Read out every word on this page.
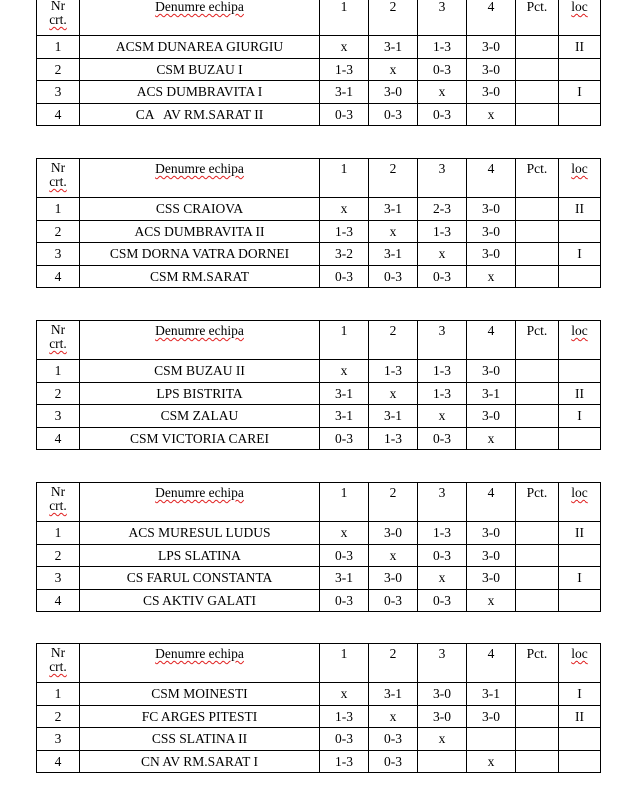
Nr
crt.	Denumre echipa	1	2	3	4	Pct.	loc
1	ACSM DUNAREA GIURGIU	x	3-1	1-3	3-0		II
2	CSM BUZAU I	1-3	x	0-3	3-0		
3	ACS DUMBRAVITA I	3-1	3-0	x	3-0		I
4	CA   AV RM.SARAT II	0-3	0-3	0-3	x		
Nr
crt.	Denumre echipa	1	2	3	4	Pct.	loc
1	CSS CRAIOVA	x	3-1	2-3	3-0		II
2	ACS DUMBRAVITA II	1-3	x	1-3	3-0		
3	CSM DORNA VATRA DORNEI	3-2	3-1	x	3-0		I
4	CSM RM.SARAT	0-3	0-3	0-3	x		
Nr
crt.	Denumre echipa	1	2	3	4	Pct.	loc
1	CSM BUZAU II	x	1-3	1-3	3-0		
2	LPS BISTRITA	3-1	x	1-3	3-1		II
3	CSM ZALAU	3-1	3-1	x	3-0		I
4	CSM VICTORIA CAREI	0-3	1-3	0-3	x		
Nr
crt.	Denumre echipa	1	2	3	4	Pct.	loc
1	ACS MURESUL LUDUS	x	3-0	1-3	3-0		II
2	LPS SLATINA	0-3	x	0-3	3-0		
3	CS FARUL CONSTANTA	3-1	3-0	x	3-0		I
4	CS AKTIV GALATI	0-3	0-3	0-3	x		
Nr
crt.	Denumre echipa	1	2	3	4	Pct.	loc
1	CSM MOINESTI	x	3-1	3-0	3-1		I
2	FC ARGES PITESTI	1-3	x	3-0	3-0		II
3	CSS SLATINA II	0-3	0-3	x			
4	CN AV RM.SARAT I	1-3	0-3		x		
